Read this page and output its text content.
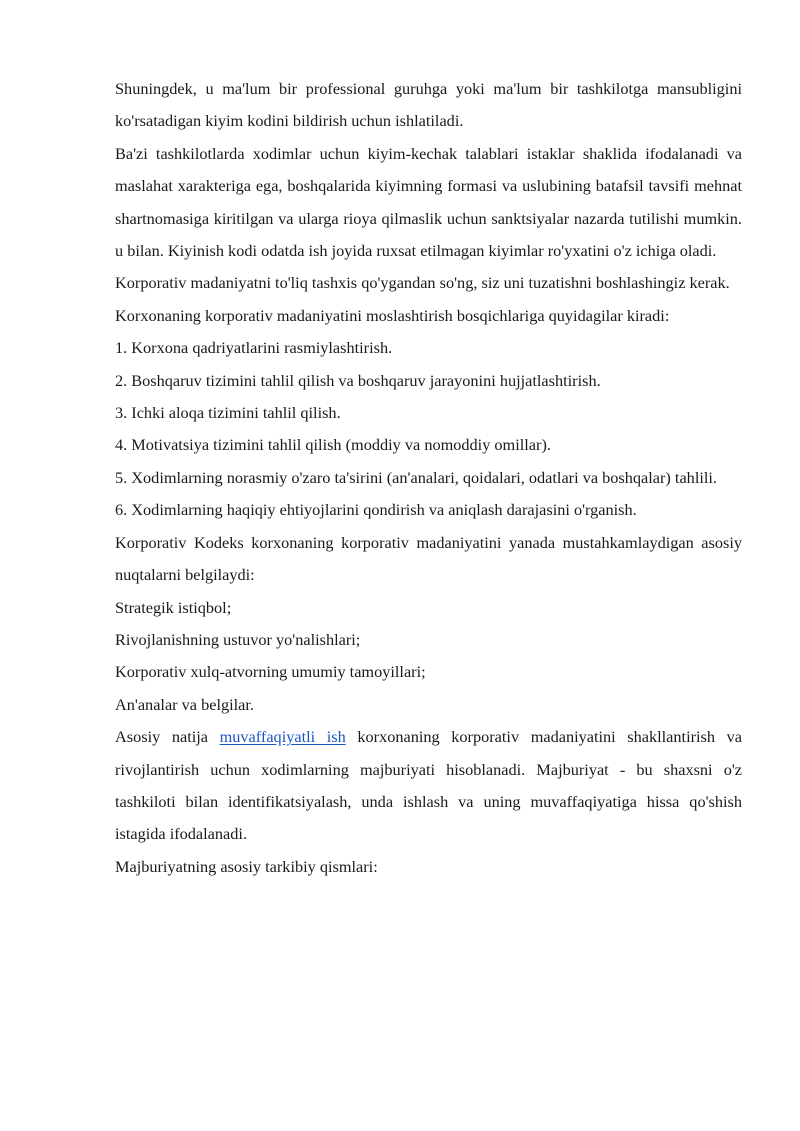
Shuningdek, u ma'lum bir professional guruhga yoki ma'lum bir tashkilotga mansubligini ko'rsatadigan kiyim kodini bildirish uchun ishlatiladi.

Ba'zi tashkilotlarda xodimlar uchun kiyim-kechak talablari istaklar shaklida ifodalanadi va maslahat xarakteriga ega, boshqalarida kiyimning formasi va uslubining batafsil tavsifi mehnat shartnomasiga kiritilgan va ularga rioya qilmaslik uchun sanktsiyalar nazarda tutilishi mumkin. u bilan. Kiyinish kodi odatda ish joyida ruxsat etilmagan kiyimlar ro'yxatini o'z ichiga oladi.

Korporativ madaniyatni to'liq tashxis qo'ygandan so'ng, siz uni tuzatishni boshlashingiz kerak.

Korxonaning korporativ madaniyatini moslashtirish bosqichlariga quyidagilar kiradi:

1. Korxona qadriyatlarini rasmiylashtirish.

2. Boshqaruv tizimini tahlil qilish va boshqaruv jarayonini hujjatlashtirish.

3. Ichki aloqa tizimini tahlil qilish.

4. Motivatsiya tizimini tahlil qilish (moddiy va nomoddiy omillar).

5. Xodimlarning norasmiy o'zaro ta'sirini (an'analari, qoidalari, odatlari va boshqalar) tahlili.

6. Xodimlarning haqiqiy ehtiyojlarini qondirish va aniqlash darajasini o'rganish.

Korporativ Kodeks korxonaning korporativ madaniyatini yanada mustahkamlaydigan asosiy nuqtalarni belgilaydi:

Strategik istiqbol;

Rivojlanishning ustuvor yo'nalishlari;

Korporativ xulq-atvorning umumiy tamoyillari;

An'analar va belgilar.

Asosiy natija muvaffaqiyatli ish korxonaning korporativ madaniyatini shakllantirish va rivojlantirish uchun xodimlarning majburiyati hisoblanadi. Majburiyat - bu shaxsni o'z tashkiloti bilan identifikatsiyalash, unda ishlash va uning muvaffaqiyatiga hissa qo'shish istagida ifodalanadi.

Majburiyatning asosiy tarkibiy qismlari:
